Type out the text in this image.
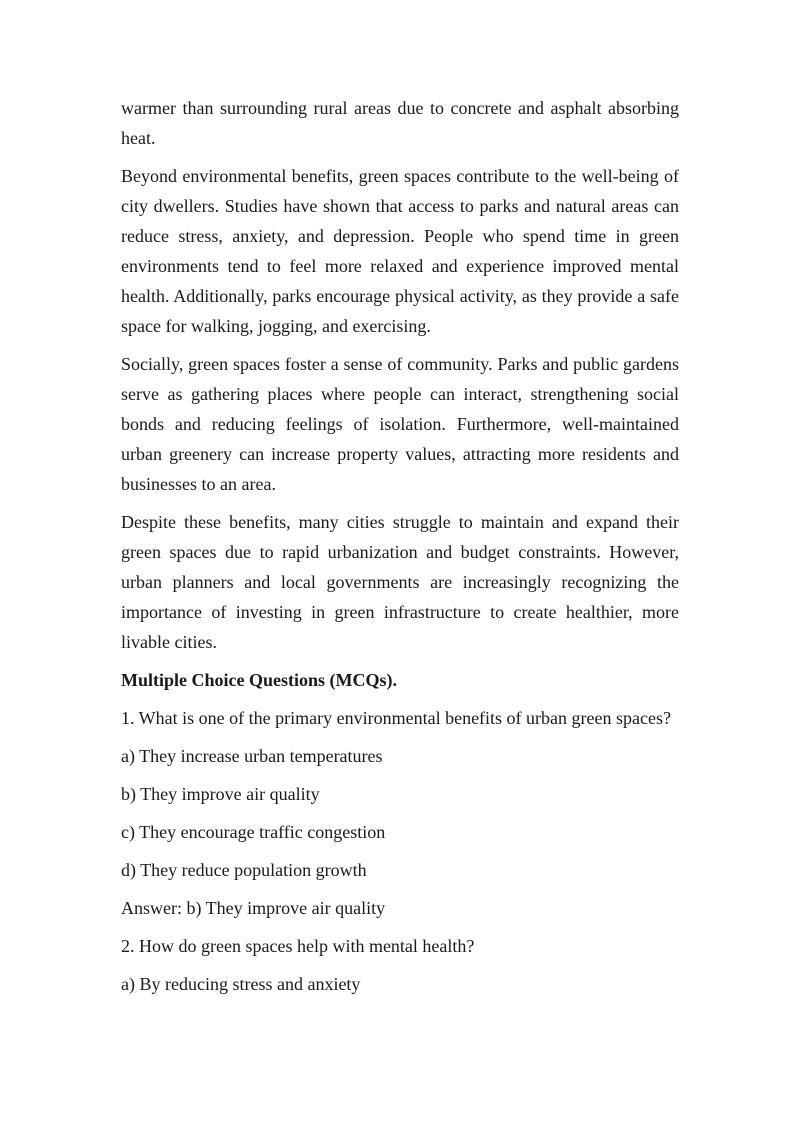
warmer than surrounding rural areas due to concrete and asphalt absorbing heat.

Beyond environmental benefits, green spaces contribute to the well-being of city dwellers. Studies have shown that access to parks and natural areas can reduce stress, anxiety, and depression. People who spend time in green environments tend to feel more relaxed and experience improved mental health. Additionally, parks encourage physical activity, as they provide a safe space for walking, jogging, and exercising.

Socially, green spaces foster a sense of community. Parks and public gardens serve as gathering places where people can interact, strengthening social bonds and reducing feelings of isolation. Furthermore, well-maintained urban greenery can increase property values, attracting more residents and businesses to an area.

Despite these benefits, many cities struggle to maintain and expand their green spaces due to rapid urbanization and budget constraints. However, urban planners and local governments are increasingly recognizing the importance of investing in green infrastructure to create healthier, more livable cities.

Multiple Choice Questions (MCQs).

1. What is one of the primary environmental benefits of urban green spaces?

a) They increase urban temperatures

b) They improve air quality

c) They encourage traffic congestion

d) They reduce population growth

Answer: b) They improve air quality

2. How do green spaces help with mental health?

a) By reducing stress and anxiety
